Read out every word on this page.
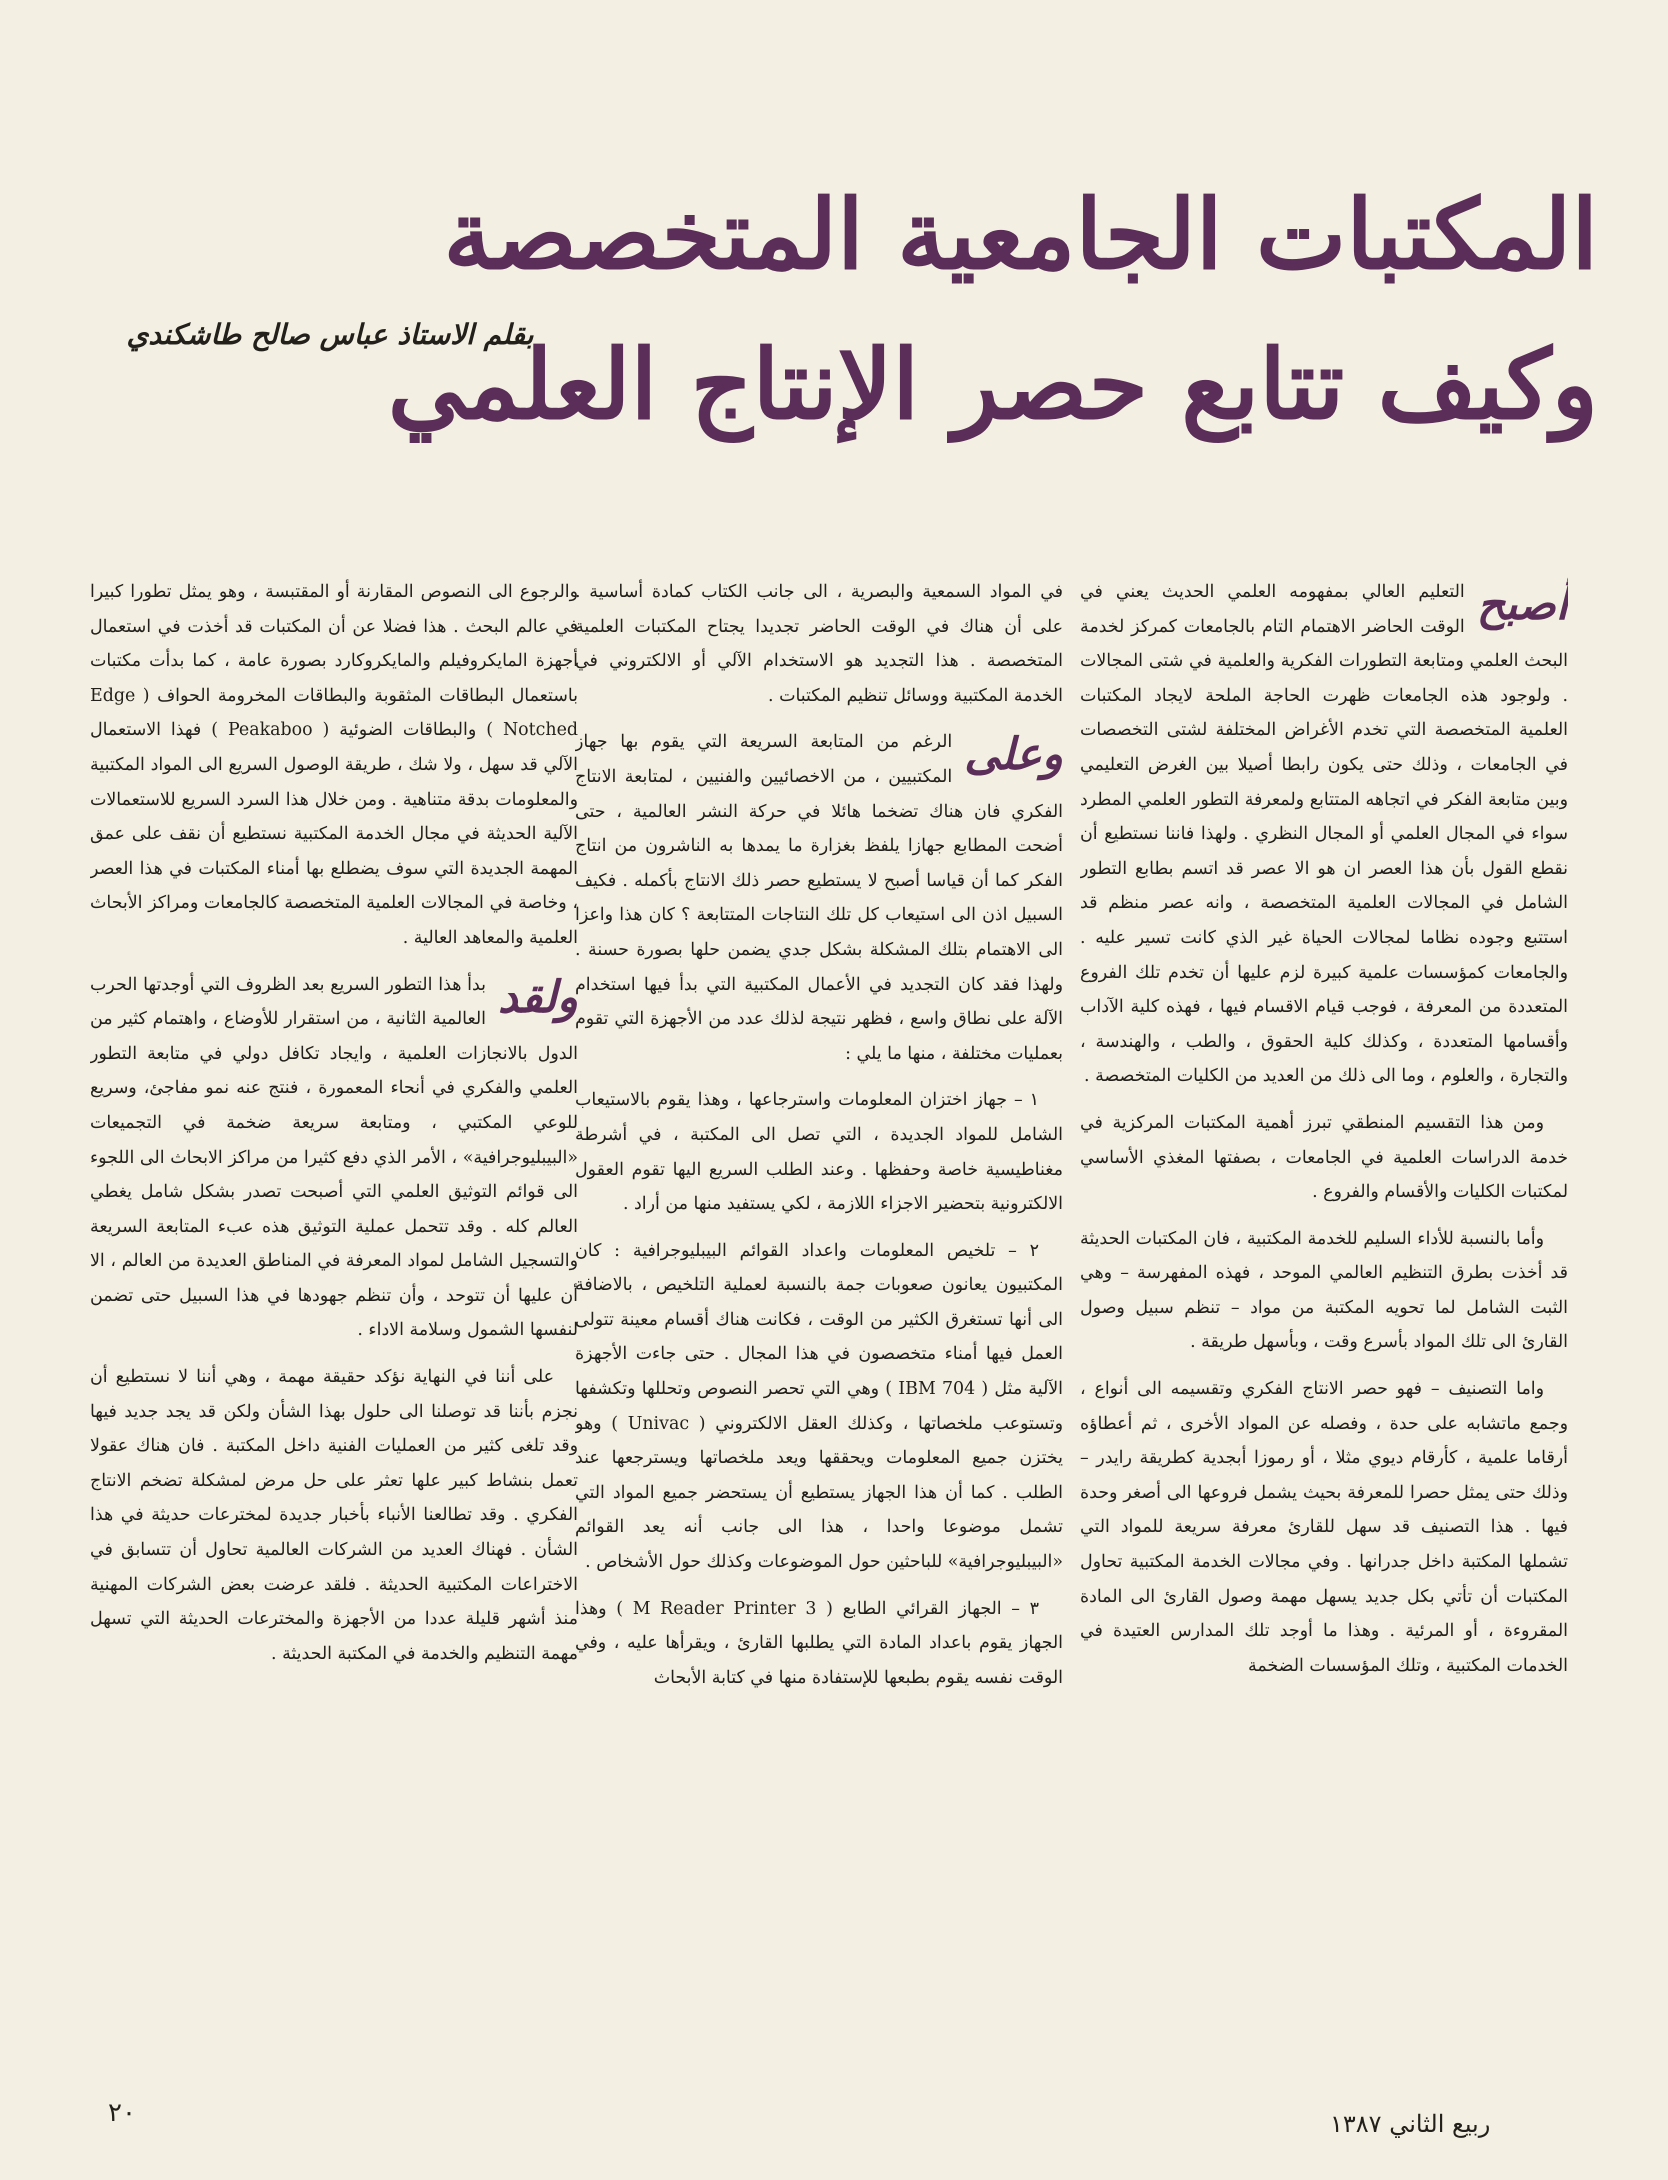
المكتبات الجامعية المتخصصة
وكيف تتابع حصر الإنتاج العلمي
بقلم الاستاذ عباس صالح طاشكندي

أصبح
التعليم العالي بمفهومه العلمي الحديث يعني في الوقت الحاضر الاهتمام التام بالجامعات كمركز لخدمة البحث العلمي ومتابعة التطورات الفكرية والعلمية في شتى المجالات . ولوجود هذه الجامعات ظهرت الحاجة الملحة لايجاد المكتبات العلمية المتخصصة التي تخدم الأغراض المختلفة لشتى التخصصات في الجامعات ، وذلك حتى يكون رابطا أصيلا بين الغرض التعليمي وبين متابعة الفكر في اتجاهه المتتابع ولمعرفة التطور العلمي المطرد سواء في المجال العلمي أو المجال النظري . ولهذا فاننا نستطيع أن نقطع القول بأن هذا العصر ان هو الا عصر قد اتسم بطابع التطور الشامل في المجالات العلمية المتخصصة ، وانه عصر منظم قد استتبع وجوده نظاما لمجالات الحياة غير الذي كانت تسير عليه . والجامعات كمؤسسات علمية كبيرة لزم عليها أن تخدم تلك الفروع المتعددة من المعرفة ، فوجب قيام الاقسام فيها ، فهذه كلية الآداب وأقسامها المتعددة ، وكذلك كلية الحقوق ، والطب ، والهندسة ، والتجارة ، والعلوم ، وما الى ذلك من العديد من الكليات المتخصصة .

ومن هذا التقسيم المنطقي تبرز أهمية المكتبات المركزية في خدمة الدراسات العلمية في الجامعات ، بصفتها المغذي الأساسي لمكتبات الكليات والأقسام والفروع .

وأما بالنسبة للأداء السليم للخدمة المكتبية ، فان المكتبات الحديثة قد أخذت بطرق التنظيم العالمي الموحد ، فهذه المفهرسة – وهي الثبت الشامل لما تحويه المكتبة من مواد – تنظم سبيل وصول القارئ الى تلك المواد بأسرع وقت ، وبأسهل طريقة .

واما التصنيف – فهو حصر الانتاج الفكري وتقسيمه الى أنواع ، وجمع ماتشابه على حدة ، وفصله عن المواد الأخرى ، ثم أعطاؤه أرقاما علمية ، كأرقام ديوي مثلا ، أو رموزا أبجدية كطريقة رايدر – وذلك حتى يمثل حصرا للمعرفة بحيث يشمل فروعها الى أصغر وحدة فيها . هذا التصنيف قد سهل للقارئ معرفة سريعة للمواد التي تشملها المكتبة داخل جدرانها . وفي مجالات الخدمة المكتبية تحاول المكتبات أن تأتي بكل جديد يسهل مهمة وصول القارئ الى المادة المقروءة ، أو المرئية . وهذا ما أوجد تلك المدارس العتيدة في الخدمات المكتبية ، وتلك المؤسسات الضخمة

في المواد السمعية والبصرية ، الى جانب الكتاب كمادة أساسية . على أن هناك في الوقت الحاضر تجديدا يجتاح المكتبات العلمية المتخصصة . هذا التجديد هو الاستخدام الآلي أو الالكتروني في الخدمة المكتبية ووسائل تنظيم المكتبات .

وعلى
الرغم من المتابعة السريعة التي يقوم بها جهاز المكتبيين ، من الاخصائيين والفنيين ، لمتابعة الانتاج الفكري فان هناك تضخما هائلا في حركة النشر العالمية ، حتى أضحت المطابع جهازا يلفظ بغزارة ما يمدها به الناشرون من انتاج الفكر كما أن قياسا أصبح لا يستطيع حصر ذلك الانتاج بأكمله . فكيف السبيل اذن الى استيعاب كل تلك النتاجات المتتابعة ؟ كان هذا واعزا الى الاهتمام بتلك المشكلة بشكل جدي يضمن حلها بصورة حسنة . ولهذا فقد كان التجديد في الأعمال المكتبية التي بدأ فيها استخدام الآلة على نطاق واسع ، فظهر نتيجة لذلك عدد من الأجهزة التي تقوم بعمليات مختلفة ، منها ما يلي :

١ – جهاز اختزان المعلومات واسترجاعها ، وهذا يقوم بالاستيعاب الشامل للمواد الجديدة ، التي تصل الى المكتبة ، في أشرطة مغناطيسية خاصة وحفظها . وعند الطلب السريع اليها تقوم العقول الالكترونية بتحضير الاجزاء اللازمة ، لكي يستفيد منها من أراد .

٢ – تلخيص المعلومات واعداد القوائم البيبليوجرافية : كان المكتبيون يعانون صعوبات جمة بالنسبة لعملية التلخيص ، بالاضافة الى أنها تستغرق الكثير من الوقت ، فكانت هناك أقسام معينة تتولى العمل فيها أمناء متخصصون في هذا المجال . حتى جاءت الأجهزة الآلية مثل ( IBM 704 ) وهي التي تحصر النصوص وتحللها وتكشفها وتستوعب ملخصاتها ، وكذلك العقل الالكتروني ( Univac ) وهو يختزن جميع المعلومات ويحققها ويعد ملخصاتها ويسترجعها عند الطلب . كما أن هذا الجهاز يستطيع أن يستحضر جميع المواد التي تشمل موضوعا واحدا ، هذا الى جانب أنه يعد القوائم «البيبليوجرافية» للباحثين حول الموضوعات وكذلك حول الأشخاص .

٣ – الجهاز القرائي الطابع ( 3 M Reader Printer ) وهذا الجهاز يقوم باعداد المادة التي يطلبها القارئ ، ويقرأها عليه ، وفي الوقت نفسه يقوم بطبعها للإستفادة منها في كتابة الأبحاث

والرجوع الى النصوص المقارنة أو المقتبسة ، وهو يمثل تطورا كبيرا في عالم البحث . هذا فضلا عن أن المكتبات قد أخذت في استعمال أجهزة المايكروفيلم والمايكروكارد بصورة عامة ، كما بدأت مكتبات باستعمال البطاقات المثقوبة والبطاقات المخرومة الحواف ( Edge Notched ) والبطاقات الضوئية ( Peakaboo ) فهذا الاستعمال الآلي قد سهل ، ولا شك ، طريقة الوصول السريع الى المواد المكتبية والمعلومات بدقة متناهية . ومن خلال هذا السرد السريع للاستعمالات الآلية الحديثة في مجال الخدمة المكتبية نستطيع أن نقف على عمق المهمة الجديدة التي سوف يضطلع بها أمناء المكتبات في هذا العصر ، وخاصة في المجالات العلمية المتخصصة كالجامعات ومراكز الأبحاث العلمية والمعاهد العالية .

ولقد
بدأ هذا التطور السريع بعد الظروف التي أوجدتها الحرب العالمية الثانية ، من استقرار للأوضاع ، واهتمام كثير من الدول بالانجازات العلمية ، وايجاد تكافل دولي في متابعة التطور العلمي والفكري في أنحاء المعمورة ، فنتج عنه نمو مفاجئ، وسريع للوعي المكتبي ، ومتابعة سريعة ضخمة في التجميعات «البيبليوجرافية» ، الأمر الذي دفع كثيرا من مراكز الابحاث الى اللجوء الى قوائم التوثيق العلمي التي أصبحت تصدر بشكل شامل يغطي العالم كله . وقد تتحمل عملية التوثيق هذه عبء المتابعة السريعة والتسجيل الشامل لمواد المعرفة في المناطق العديدة من العالم ، الا أن عليها أن تتوحد ، وأن تنظم جهودها في هذا السبيل حتى تضمن لنفسها الشمول وسلامة الاداء .

على أننا في النهاية نؤكد حقيقة مهمة ، وهي أننا لا نستطيع أن نجزم بأننا قد توصلنا الى حلول بهذا الشأن ولكن قد يجد جديد فيها وقد تلغى كثير من العمليات الفنية داخل المكتبة . فان هناك عقولا تعمل بنشاط كبير علها تعثر على حل مرض لمشكلة تضخم الانتاج الفكري . وقد تطالعنا الأنباء بأخبار جديدة لمخترعات حديثة في هذا الشأن . فهناك العديد من الشركات العالمية تحاول أن تتسابق في الاختراعات المكتبية الحديثة . فلقد عرضت بعض الشركات المهنية منذ أشهر قليلة عددا من الأجهزة والمخترعات الحديثة التي تسهل مهمة التنظيم والخدمة في المكتبة الحديثة .

٢٠	ربيع الثاني ١٣٨٧
